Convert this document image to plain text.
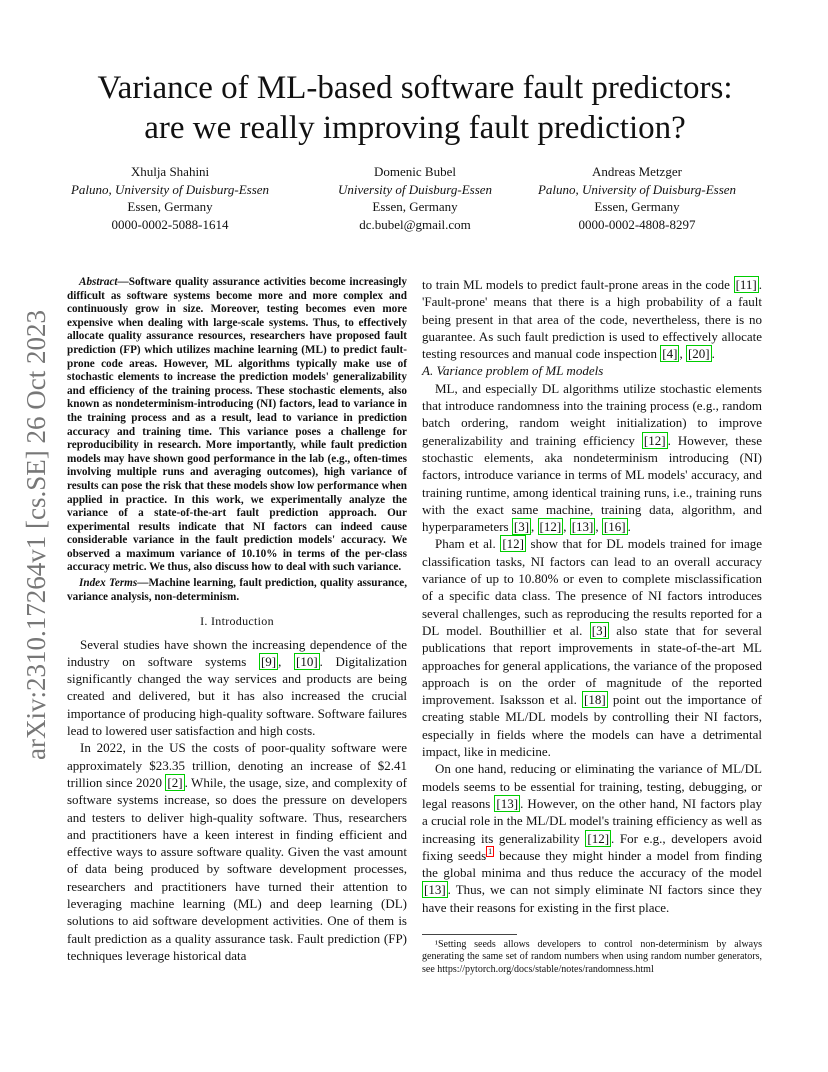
arXiv:2310.17264v1 [cs.SE] 26 Oct 2023
Variance of ML-based software fault predictors:
are we really improving fault prediction?
Xhulja Shahini
Paluno, University of Duisburg-Essen
Essen, Germany
0000-0002-5088-1614
Domenic Bubel
University of Duisburg-Essen
Essen, Germany
dc.bubel@gmail.com
Andreas Metzger
Paluno, University of Duisburg-Essen
Essen, Germany
0000-0002-4808-8297

Abstract—Software quality assurance activities become increasingly difficult as software systems become more and more complex and continuously grow in size. Moreover, testing becomes even more expensive when dealing with large-scale systems. Thus, to effectively allocate quality assurance resources, researchers have proposed fault prediction (FP) which utilizes machine learning (ML) to predict fault-prone code areas. However, ML algorithms typically make use of stochastic elements to increase the prediction models' generalizability and efficiency of the training process. These stochastic elements, also known as nondeterminism-introducing (NI) factors, lead to variance in the training process and as a result, lead to variance in prediction accuracy and training time. This variance poses a challenge for reproducibility in research. More importantly, while fault prediction models may have shown good performance in the lab (e.g., often-times involving multiple runs and averaging outcomes), high variance of results can pose the risk that these models show low performance when applied in practice. In this work, we experimentally analyze the variance of a state-of-the-art fault prediction approach. Our experimental results indicate that NI factors can indeed cause considerable variance in the fault prediction models' accuracy. We observed a maximum variance of 10.10% in terms of the per-class accuracy metric. We thus, also discuss how to deal with such variance.

Index Terms—Machine learning, fault prediction, quality assurance, variance analysis, non-determinism.

I. Introduction

Several studies have shown the increasing dependence of the industry on software systems [9] , [10] . Digitalization significantly changed the way services and products are being created and delivered, but it has also increased the crucial importance of producing high-quality software. Software failures lead to lowered user satisfaction and high costs.

In 2022, in the US the costs of poor-quality software were approximately $23.35 trillion, denoting an increase of $2.41 trillion since 2020 [2] . While, the usage, size, and complexity of software systems increase, so does the pressure on developers and testers to deliver high-quality software. Thus, researchers and practitioners have a keen interest in finding efficient and effective ways to assure software quality. Given the vast amount of data being produced by software development processes, researchers and practitioners have turned their attention to leveraging machine learning (ML) and deep learning (DL) solutions to aid software development activities. One of them is fault prediction as a quality assurance task. Fault prediction (FP) techniques leverage historical data

to train ML models to predict fault-prone areas in the code [11] . 'Fault-prone' means that there is a high probability of a fault being present in that area of the code, nevertheless, there is no guarantee. As such fault prediction is used to effectively allocate testing resources and manual code inspection [4] , [20] .

A. Variance problem of ML models

ML, and especially DL algorithms utilize stochastic elements that introduce randomness into the training process (e.g., random batch ordering, random weight initialization) to improve generalizability and training efficiency [12] . However, these stochastic elements, aka nondeterminism introducing (NI) factors, introduce variance in terms of ML models' accuracy, and training runtime, among identical training runs, i.e., training runs with the exact same machine, training data, algorithm, and hyperparameters [3] , [12] , [13] , [16] .

Pham et al. [12] show that for DL models trained for image classification tasks, NI factors can lead to an overall accuracy variance of up to 10.80% or even to complete misclassification of a specific data class. The presence of NI factors introduces several challenges, such as reproducing the results reported for a DL model. Bouthillier et al. [3] also state that for several publications that report improvements in state-of-the-art ML approaches for general applications, the variance of the proposed approach is on the order of magnitude of the reported improvement. Isaksson et al. [18] point out the importance of creating stable ML/DL models by controlling their NI factors, especially in fields where the models can have a detrimental impact, like in medicine.

On one hand, reducing or eliminating the variance of ML/DL models seems to be essential for training, testing, debugging, or legal reasons [13] . However, on the other hand, NI factors play a crucial role in the ML/DL model's training efficiency as well as increasing its generalizability [12] . For e.g., developers avoid fixing seeds $^1$ because they might hinder a model from finding the global minima and thus reduce the accuracy of the model [13] . Thus, we can not simply eliminate NI factors since they have their reasons for existing in the first place.

¹Setting seeds allows developers to control non-determinism by always generating the same set of random numbers when using random number generators, see https://pytorch.org/docs/stable/notes/randomness.html
